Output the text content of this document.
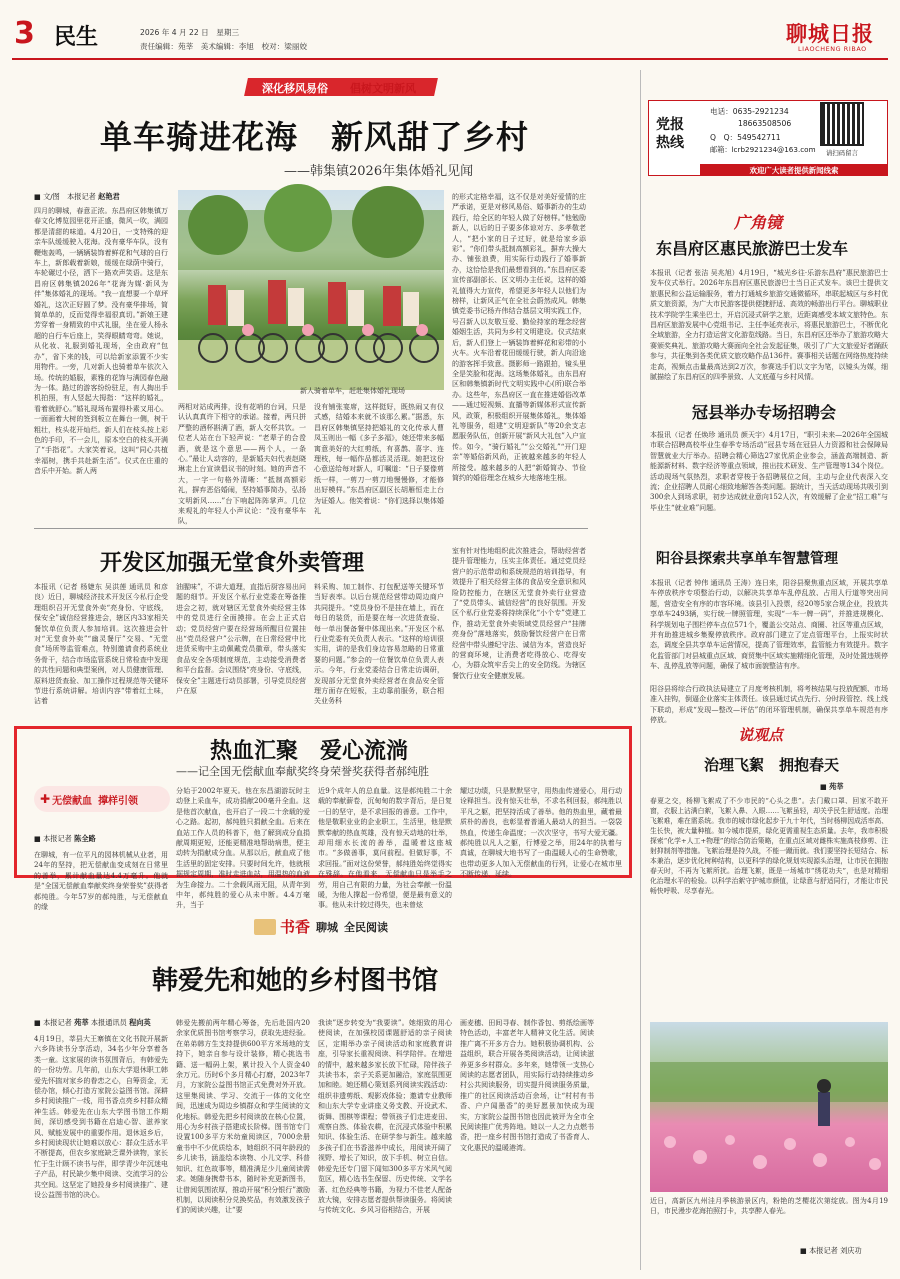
3 民生	2026 年 4 月 22 日　星期三
责任编辑：苑莘　美术编辑：李旭　校对：梁丽姣
聊城日报
LIAOCHENG RIBAO
深化移风易俗 倡树文明新风
单车骑进花海　新风甜了乡村
——韩集镇2026年集体婚礼见闻
■ 文/图　本报记者 赵艳君
四月的聊城，春意正浓。东昌府区韩集镇万春文化博览园里花开正盛，微风一吹，满园都是清甜的味道。4月20日，一支特殊的迎亲车队缓缓驶入花海。没有豪华车队，没有鞭炮轰鸣，一辆辆装饰着鲜花和气球的自行车上，新郎载着新娘，缓缓在绿荫中骑行，车轮碾过小径，洒下一路欢声笑语。这是东昌府区韩集镇2026年“花海为媒·新风为伴”集体婚礼的现场。“我一直想要一个草坪婚礼，这次正好圆了梦。没有豪华排场，简简单单的，反而觉得幸福很真切。”新娘王建芳穿着一身精致的中式礼服，坐在爱人杨永超的自行车后座上，笑得眼睛弯弯。她说，从化妆、礼服到婚礼现场，全由政府“包办”，省下来的钱，可以给新家添置不少实用物件。一旁，几对新人也骑着单车依次入场。传统的婚服，素雅的花饰与满园春色融为一体。路过的游客纷纷驻足，有人掏出手机拍照，有人竖起大拇指：“这样的婚礼，看着就舒心。”婚礼现场布置得朴素又用心。一面画着大树的签到板立在舞台一侧，树干粗壮，枝头花开灿烂。新人们在枝头按上彩色的手印，不一会儿，原本空白的枝头开满了“手指花”。大家笑着说，这叫“同心共植幸福树，携手共赴新生活”。仪式在庄重的音乐中开始。新人两
新人骑着单车，赶赴集体婚礼现场
两相对站成两排，没有花哨的台词，只是认认真真许下相守的承诺。接着，两只拼严整的酒杯斟满了酒，新人交杯共饮。一位老人站在台下轻声说：“老辈子的合卺酒，就是这个意思——两个人，一条心。”最让人动容的，是新婚夫妇代表赵晓琳走上台宣读倡议书的时刻。她的声音不大，一字一句格外清晰：“抵制高额彩礼，摒弃恶俗婚闹，坚持婚事简办，弘扬文明新风……”台下响起阵阵掌声。几位来观礼的年轻人小声议论：“没有豪华车队，
没有铺张宴席，这样挺好，既热闹又有仪式感，结婚本来就不该那么累。”据悉，东昌府区韩集镇坚持把婚礼的文化传承人曹凤玉则出一幅《多子多福》，她还带来多幅寓意美好的大红剪纸，有喜鹊、喜字、连理枝，每一幅作品都活灵活现。她把这份心意送给每对新人，叮嘱道：“日子要像剪纸一样，一剪刀一剪刀地慢慢修，才能修出好模样。”东昌府区副区长胡雁恒走上台为证婚人。他笑着说：“你们选择以集体婚礼
的形式定格幸福，这不仅是对美好爱情的庄严承诺，更是对移风易俗、婚事新办的生动践行，给全区的年轻人做了好榜样。”他勉励新人，以后的日子要多体谅对方、多孝敬老人，“把小家的日子过好，就是给家乡添彩”。“你们带头抵制高额彩礼，摒弃大操大办、铺张浪费，用实际行动践行了婚事新办，这恰恰是我们最想看到的。”东昌府区委宣传部副部长、区文明办主任说，这样的婚礼值得大力宣传，希望更多年轻人以他们为榜样，让新风正气在全社会蔚然成风。韩集镇党委书记杨卉伟结合基层文明实践工作，号召新人以友敬互爱、勤俭持家的理念经营婚姻生活，共同为乡村文明建设。仪式结束后，新人们登上一辆装饰着鲜花和彩带的小火车。火车沿着花田缓缓行驶，新人向沿途的游客挥手致意。摄影师一路跟拍，镜头里全是笑脸和花海。这场集体婚礼，由东昌府区和韩集镇新时代文明实践中心(所)联合举办。这些年，东昌府区一直在推进婚俗改革——通过短视频、直播等新媒体形式宣传新风，政策，积极组织开展集体婚礼，集体婚礼等服务，组建“文明迎新队”等20余支志愿服务队伍，创新开展“新风大礼包”入户宣传。如今，“骑行婚礼”“公交婚礼”“开门迎亲”等婚俗新风尚，正被越来越多的年轻人所接受。越来越多的人把“新婚简办、节俭简约的婚俗理念在城乡大地落地生根。
开发区加强无堂食外卖管理
本报讯（记者 杨婕东 吴洪莲 通讯员 和彦良）近日，聊城经济技术开发区今私行企受理组织召开无堂食外卖“亮身份、守底线，保安全”诚信经营推进会，辖区内33家相关餐饮单位负责人参加培训。这次推进会针对“无堂食外卖”“幽灵餐厅”交易、“无堂食”场所等监管难点，特别邀请食药系统业务骨干，结合市场监管系统日常检查中发现的共性问题和典型案例，对人员健康管理、原料进货查验、加工操作过程规范等关键环节进行系统讲解。培训内容“带着红土味，沾着
油腥味”，不讲大道理，直指后厨容易出问题的细节。开发区个私行业党委在筹备推进会之初，就对辖区无堂食外卖经营主体中的党员进行全面摸排。在会上正式启动；党员经营户要在经营场所醒目位置挂出“党员经营户”公示牌，在日常经营中比进货采购中主动佩戴党员徽章，带头落实食品安全各项制度规范，主动接受消费者和平台监督。会议围绕“亮身份、守底线，保安全”主题进行动员部署，引导党员经营户在原
料采购、加工制作、打包配送等关键环节当好表率。以后台规范经营带动周边商户共同提升。“党员身份不是挂在墙上，而在每日的装货，而是要在每一次进货查验、每一单出餐备餐中体现出来。”开发区个私行业党委有关负责人表示。“这样的培训很实用，讲的是我们身边容易忽略的日常重要的问题。”参会的一位餐饮单位负责人表示。今年，行业党委结合日常走访调研，发现部分无堂食外卖经营者在食品安全管理方面存在短板，主动靠前服务，联合相关业务科
室有针对性地组织此次推进会，帮助经营者提升管理能力，压实主体责任。通过党员经营户的示范带动和系统规范的培训指导，有效提升了相关经营主体的食品安全意识和风险防控能力，在辖区无堂食外卖行业营造了“党员带头、诚信经营”的良好氛围。开发区个私行业党委将持续深化“小个专”党建工作，推动无堂食外卖领域党员经营户“挂牌亮身份”落地落实，鼓励餐饮经营户在日常经营中带头遵纪守法、诚信为本，营造良好的营商环境，让消费者吃得放心、吃得安心，为群众筑牢舌尖上的安全防线。为辖区餐饮行业安全健康发展。
热血汇聚　爱心流淌
——记全国无偿献血奉献奖终身荣誉奖获得者郝纯胜
✚ 无偿献血 撑样引领
■ 本报记者 陈全路
在聊城，有一位平凡的园林机械从业者，用24年的坚持，把无偿献血变成刻在日常里的善举，累计献血量达4.4万毫升。他就是“全国无偿献血奉献奖终身荣誉奖”获得者郝纯胜。今年57岁的郝纯胜，与无偿献血的缘
分始于2002年夏天。他在东昌湖游玩时主动登上采血车，成功捐献200毫升全血。这是他首次献血，也开启了一段二十余载的爱心之路。起初，郝纯胜只捐献全血。后来在血站工作人员的科普下，他了解到成分血捐献周期更短，还能更精准地帮助病患，便主动转为捐献成分血。从那以后，献血成了他生活里的固定安排。只要时间允许，他就根据规定周期，准时走进血站，用温热的血液为生命接力。二十余载风雨无阻，从青年到中年，郝纯胜的爱心从未中断。4.4万毫升，当于
近9个成年人的总血量。这是郝纯胜二十余载的奉献薪卷，沉甸甸的数字背后，是日复一日的坚守，是不求回报的善意。工作中，他是敬职业业的企业职工，生活里，他是默默奉献的热血英雄，没有惊天动地的壮举，却用细水长流的善举，温暖着这座城市。“多做善事，莫问前程。但做好事，不求回报。”面对这份荣誉，郝纯胜始终觉得实在殊辞。在他看来，无偿献血只是举手之劳，用自己有限的力量，为社会奉献一份温暖，为他人撑起一份希望，便是最有意义的事。他从未计较过得失，也未曾炫
耀过功绩，只是默默坚守，用热血传递爱心，用行动诠释担当。没有惊天壮举，不求名利回报，郝纯胜以平凡之躯，把坚持活成了善举。他的热血里，藏着最质朴的善良，也彰显着普通人最动人的担当。一袋袋热血，传递生命温度；一次次坚守，书写大爱无疆。郝纯胜以凡人之躯，行博爱之举，用24年的执着与真诚，在聊城大地书写了一曲温暖人心的生命赞歌，也带动更多人加入无偿献血的行列，让爱心在城市里不断传递、延续。
书香 聊城 全民阅读
韩爱先和她的乡村图书馆
■ 本报记者 苑莘 本报通讯员 程向英
4月19日，莘县大王寨镇在文化书院开展新六乡阵读书分享活动，34名少年分享着各类一童。这家展的读书氛围背后，有韩爱先的一份功劳。几年前，山东大学退休职工韩爱先怀揣对家乡的眷恋之心，自筹资金，无偿办馆，倾心打造方家院公益图书馆。深耕乡村阅读推广一线，用书香点亮乡村群众精神生活。韩爱先在山东大学图书馆工作期间，深切感受到书籍在启迪心智、滋养家风、赋能发展中的重要作用。退休返乡后，乡村阅读现状让她难以放心：群众生活水平不断提高，但农乡家庭缺乏课外读物，家长忙于生计顾不读书与伴，即学青少年沉迷电子产品，村民缺少集中阅读、交流学习的公共空间。这坚定了她投身乡村阅读推广、建设公益图书馆的决心。
韩爱先搬前两年精心筹备，先后赴国内20余家优质图书馆考察学习，获取先进经验。在弟弟韩方生支持提供600平方米场地的支持下，她亲自参与设计装修，精心挑选书籍、送一幅码上架，累计投入个人资金40余万元。历时6个多月精心打磨，2023年7月，方家院公益图书馆正式免费对外开放。这里集阅读、学习、交流于一体的文化空间，迅速成为周边乡镇群众和学生阅读的文化地标。韩爱先把乡村阅读放在核心位置，用心为乡村孩子搭建成长阶梯。图书馆专门设置100多平方米幼童阅读区，7000余册童书中不少优质绘本，她组织不同年龄段的乡儿读书，涵盖绘本读物、小儿文学、科普知识、红色故事等，精准满足少儿童阅读需求。她随身携带书本，随时补充更新图书，让借阅氛围浓厚，推动开展“积分银行”激励机制，以阅读积分兑换奖品，有效激发孩子们的阅读兴趣，让“要
我读”逐步转变为“我要读”。她细致的用心使阅读，在加强校园课题舒适的亲子阅读区，定期举办亲子阅读活动和家庭教育讲座，引导家长重视阅读、科学陪伴。在增进的情中，越来越多家长放下忙碌，陪伴孩子共读书本，亲子关系更加融洽，家庭氛围更加和睦。她还精心策划系列阅读实践活动：组织非遗剪纸、观影戏体验；邀请专业教师和山东大学专业讲座义务支教、开设武术、街舞、围棋等课程；带领孩子们走进麦田、观察自然、体验农耕，在沉浸式体验中积累知识、体验生活、在研学参与新生。越来越多孩子们在书香滋养中成长，用阅读开阔了视野、增长了知识，放下手机、树立自信。韩爱先还专门留下闻知300多平方米风气阅览区，精心选书生保留、历史传统、文学名著、红色经典等书籍，为视力不佳老人配备放大镜，安排志愿者提供帮读服务。将阅读与传统文化、乡风习俗相结合，开展
画麦穗、田间寻春、制作香包、剪纸绘画等特色活动，丰富老年人精神文化生活。阅读推广离不开多方合力。她积极协调机构、公益组织，联合开展各类阅读活动，让阅读滋养更多乡村群众。多年来，她带领一支热心阅读的志愿者团队，用实际行动持续推动乡村公共阅读服务，切实提升阅读服务质量，推广的社区阅读活动百余场，让“村村有书香、户户闻墨香”的美好愿景加快成为现实，方家院公益图书馆也因此被评为全市全民阅读推广优秀阵地。她以一人之力点燃书香，把一座乡村图书馆打造成了书香育人、文化惠民的温暖港湾。
党报热线
电话：0635-2921234
18663508506
Q　Q：549542711
邮箱：lcrb2921234@163.com 请扫码留言
欢迎广大读者提供新闻线索
广角镜
东昌府区惠民旅游巴士发车
本报讯（记者 张洁 吴兆旭）4月19日，“城光乡往·乐游东昌府”惠民旅游巴士发车仪式举行。2026年东昌府区惠民旅游巴士当日正式发车。该巴士提供文旅惠民和公益运输服务，着力打通城乡旅游交通微循环，串联起城区与乡村优质文旅资源，为广大市民游客提供便捷舒适、高效的畅游出行平台。聊城职业技术学院学生乘坐巴士，开启沉浸式研学之旅，近距离感受本域文旅特色。东昌府区旅游发展中心党组书记、主任李延亮表示，将惠民旅游巴士，不断优化全域旅游，全力打造运营文化游览线路。当日，东昌府区还举办了旅游攻略大赛颁奖典礼、旅游攻略大赛面向全社会发起征集，吸引了广大文旅爱好者踊跃参与，共征集到各类优质文旅攻略作品136件。赛事相关话题在网络热度持续走高，视频点击量最高达到2万次，参赛选手们以文字为笔，以镜头为媒，细腻描绘了东昌府区的四季景致、人文底蕴与乡村风情。
冠县举办专场招聘会
本报讯（记者 任焕珍 通讯员 颜天宇）4月17日，“职引未来—2026年全国城市联合招聘高校毕业生春季专场活动”冠县专场在冠县人力资源和社会保障局智慧就业大厅举办。招聘会精心筛选27家优质企业参会，涵盖高端制造、新能源新材料、数字经济等重点领域，推出技术研发、生产管理等134个岗位。活动现场气氛热烈，求职者穿梭于各招聘展位之间，主动与企业代表深入交流；企业招聘人员耐心细致地解答各类问题。据统计，当天活动现场共吸引到300余人到场求职，初步达成就业意向152人次，有效缓解了企业“招工难”与毕业生“就业难”问题。
阳谷县探索共享单车智慧管理
本报讯（记者 钟伟 通讯员 王涛）连日来，阳谷县聚焦重点区域，开展共享单车停放秩序专项整治行动，以解决共享单车乱停乱放、占用人行道等突出问题，营造安全有序的市容环境。该县引入投票，经20等5家合规企业，投放共享单车2493辆，实行统一牌照管理，实现“一车一牌一码”，并推进规模化、科学规划电子围栏停车点位571个，覆盖公交站点、商圈、社区等重点区域，并有助推进城乡集聚停放秩序。政府部门建立了定点管理平台，上报实时状态，调度全县共享单车运营情况，提高了管理效率，监管能力有效提升。数字化监管部门对县城重点区域、商贸集中区域实施精细化管理，及时处置违规停车、乱停乱放等问题，确保了城市面貌整洁有序。
阳谷县将综合行政执法局建立了月度考核机制，将考核结果与投放配额、市场准入挂钩，倒逼企业落实主体责任。该县通过试点先行、分时段管控、线上线下联动，形成“发现—整改—评估”的闭环管理机制，确保共享单车规范有序停放。
说观点
治理飞絮　拥抱春天
■ 苑莘
春夏之交，杨柳飞絮成了不少市民的“心头之患”。去门戴口罩、回家不敢开窗，衣服上沾满白絮，飞絮入鼻、入眼……飞絮虽轻，却关乎民生舒适度。治理飞絮难，难在需系统。我市的城市绿化起步于九十年代，当时杨柳因成活率高、生长快，被大量种植。如今城市提质，绿化更需重视生态质量。去年，我市积极探索“化学+人工+物理”的综合防治策略，在重点区域对雌株实施高枝修剪、注射抑制剂等措施。飞絮治理是持久战，不能一蹴而就。我们要坚持长短结合、标本兼治，逐步优化树种结构，以更科学的绿化规划实现源头治理，让市民在拥抱春天时，不再为飞絮所扰。治理飞絮，既是一场城市“绣花功夫”，也是对精细化治理水平的检验。以科学治絮守护城市颜值，让绿意与舒适同行，才能让市民畅快呼吸、尽享春光。
近日，高新区九州洼月季核游景区内，粉艳的芝樱花次第绽放。图为4月19日，市民漫步花海拍照打卡，共享醉人春光。
■ 本报记者 刘庆功
